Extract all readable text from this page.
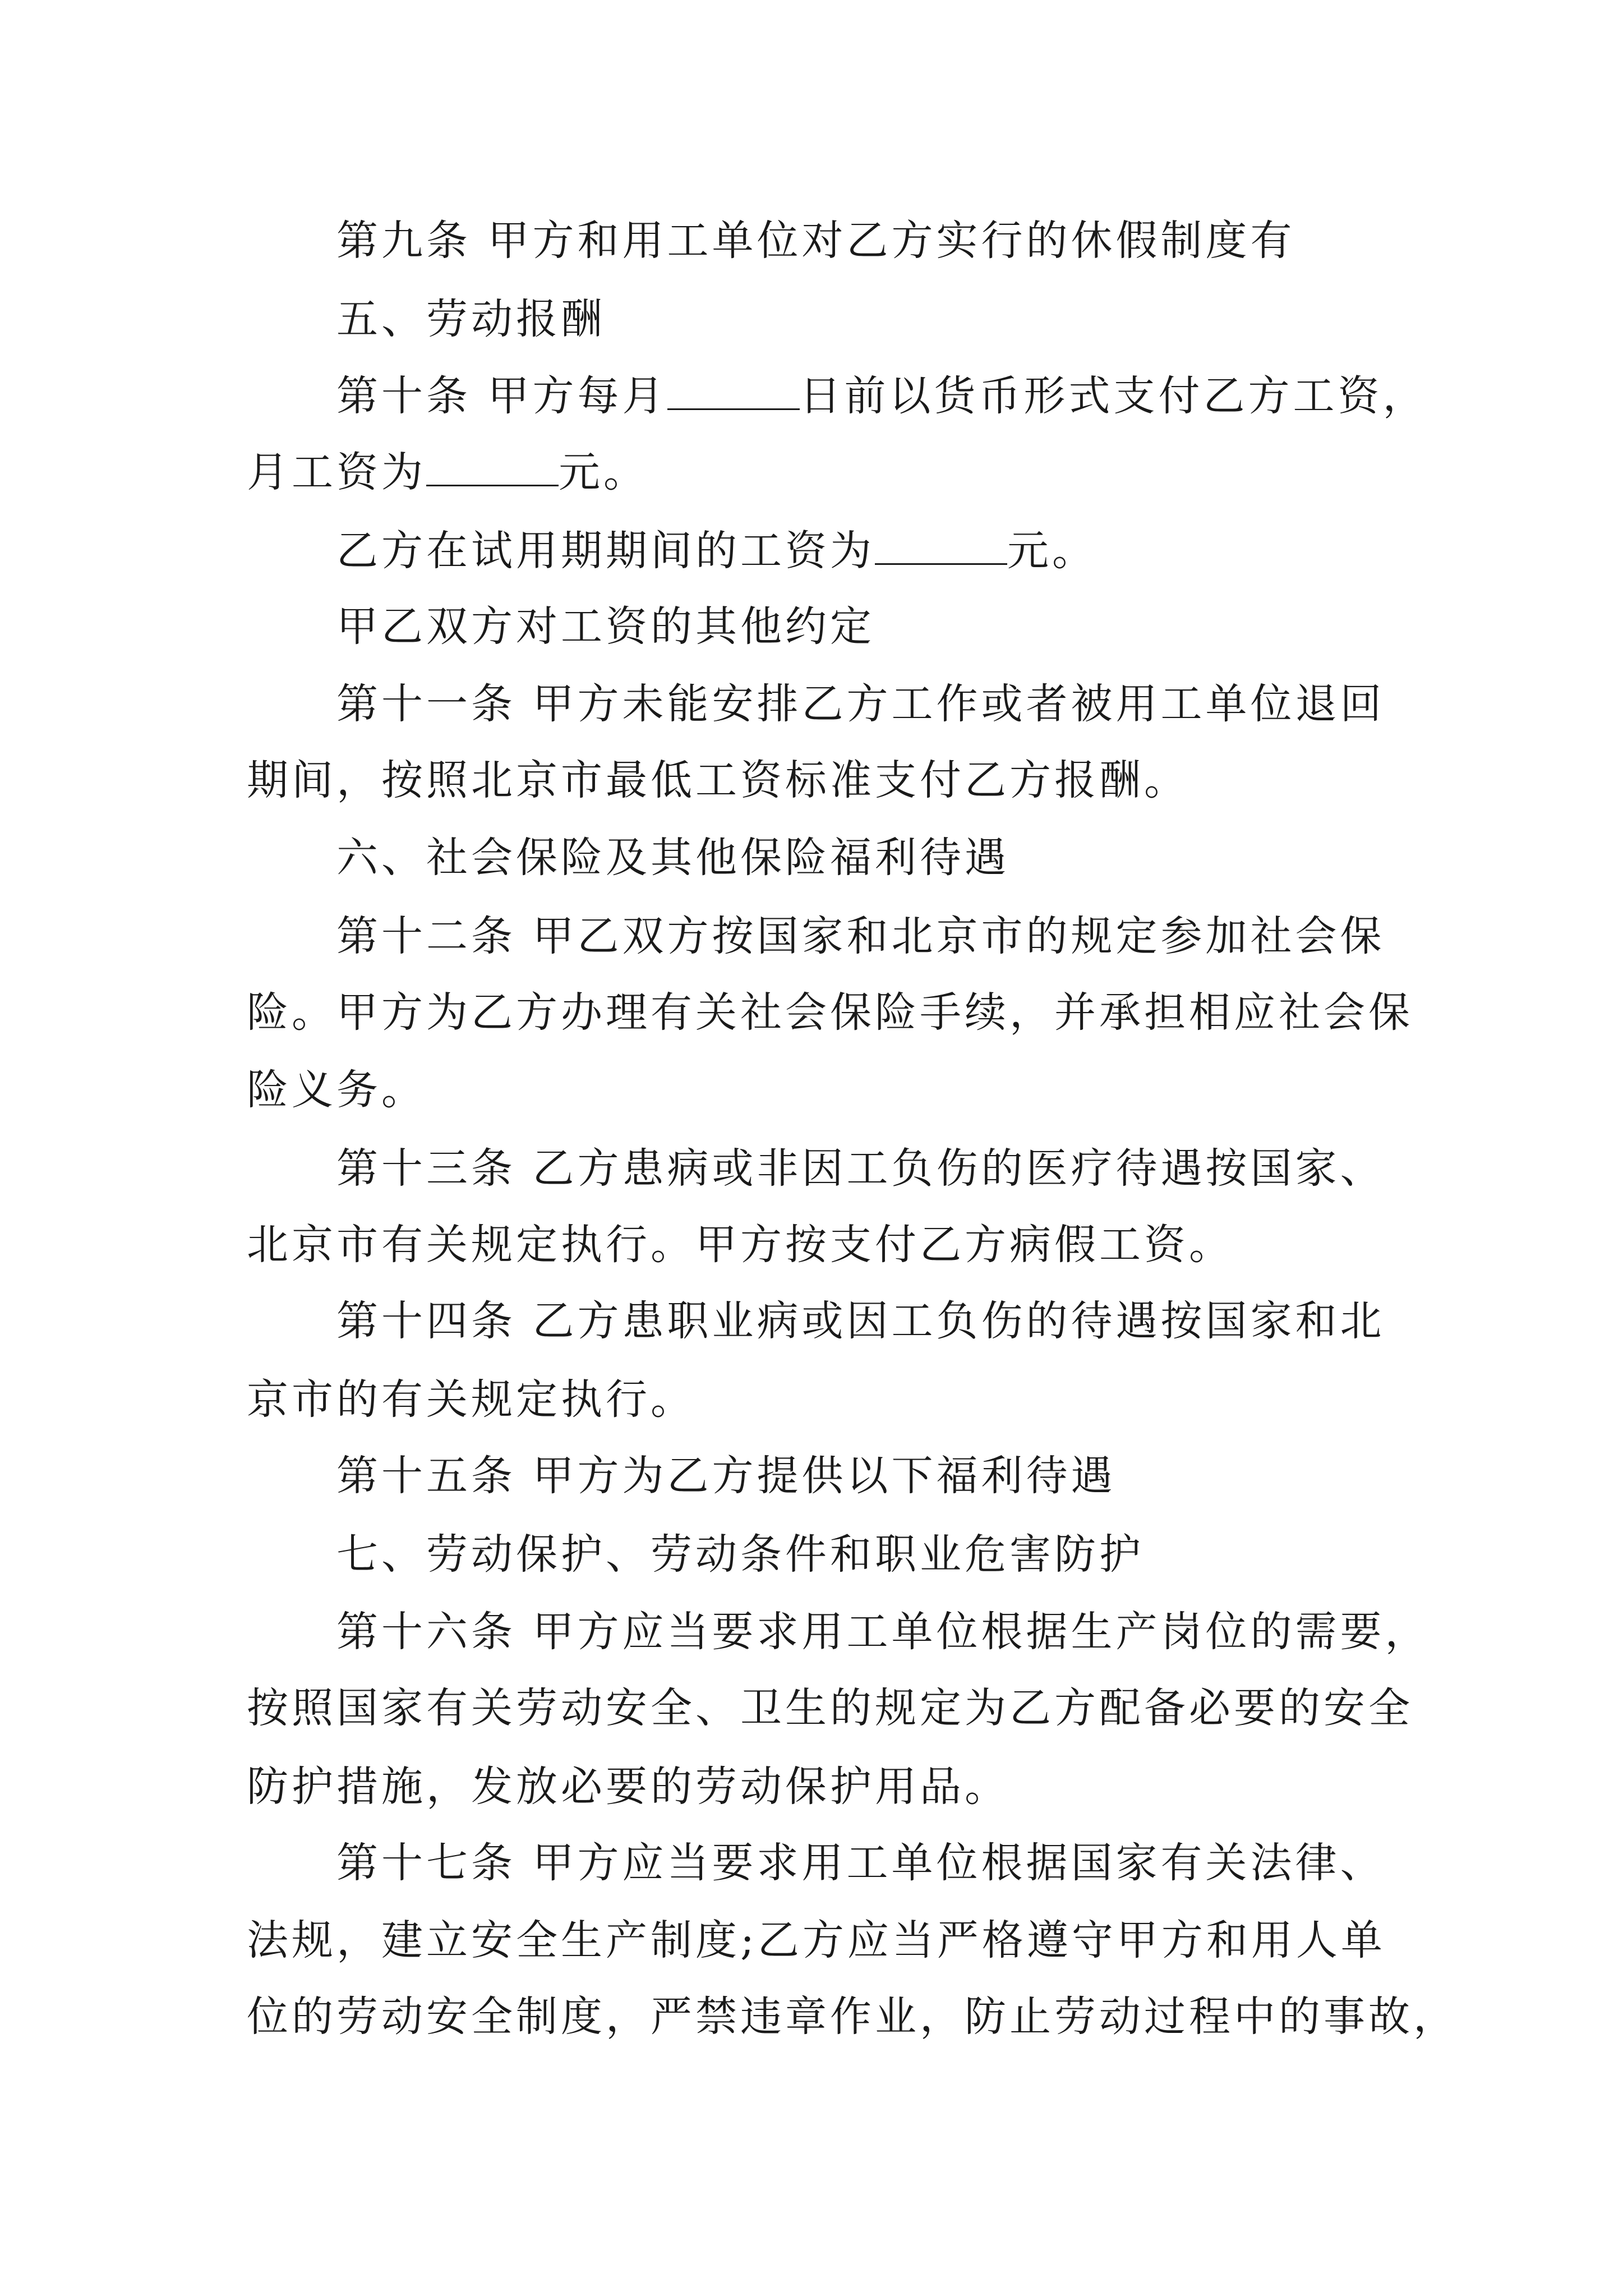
第九条 甲方和用工单位对乙方实行的休假制度有
五、劳动报酬
第十条 甲方每月	日前以货币形式支付乙方工资，
月工资为	元。
乙方在试用期期间的工资为	元。
甲乙双方对工资的其他约定
第十一条 甲方未能安排乙方工作或者被用工单位退回
期间，按照北京市最低工资标准支付乙方报酬。
六、社会保险及其他保险福利待遇
第十二条 甲乙双方按国家和北京市的规定参加社会保
险。甲方为乙方办理有关社会保险手续，并承担相应社会保
险义务。
第十三条 乙方患病或非因工负伤的医疗待遇按国家、
北京市有关规定执行。甲方按支付乙方病假工资。
第十四条 乙方患职业病或因工负伤的待遇按国家和北
京市的有关规定执行。
第十五条 甲方为乙方提供以下福利待遇
七、劳动保护、劳动条件和职业危害防护
第十六条 甲方应当要求用工单位根据生产岗位的需要，
按照国家有关劳动安全、卫生的规定为乙方配备必要的安全
防护措施，发放必要的劳动保护用品。
第十七条 甲方应当要求用工单位根据国家有关法律、
法规，建立安全生产制度;乙方应当严格遵守甲方和用人单
位的劳动安全制度，严禁违章作业，防止劳动过程中的事故，
